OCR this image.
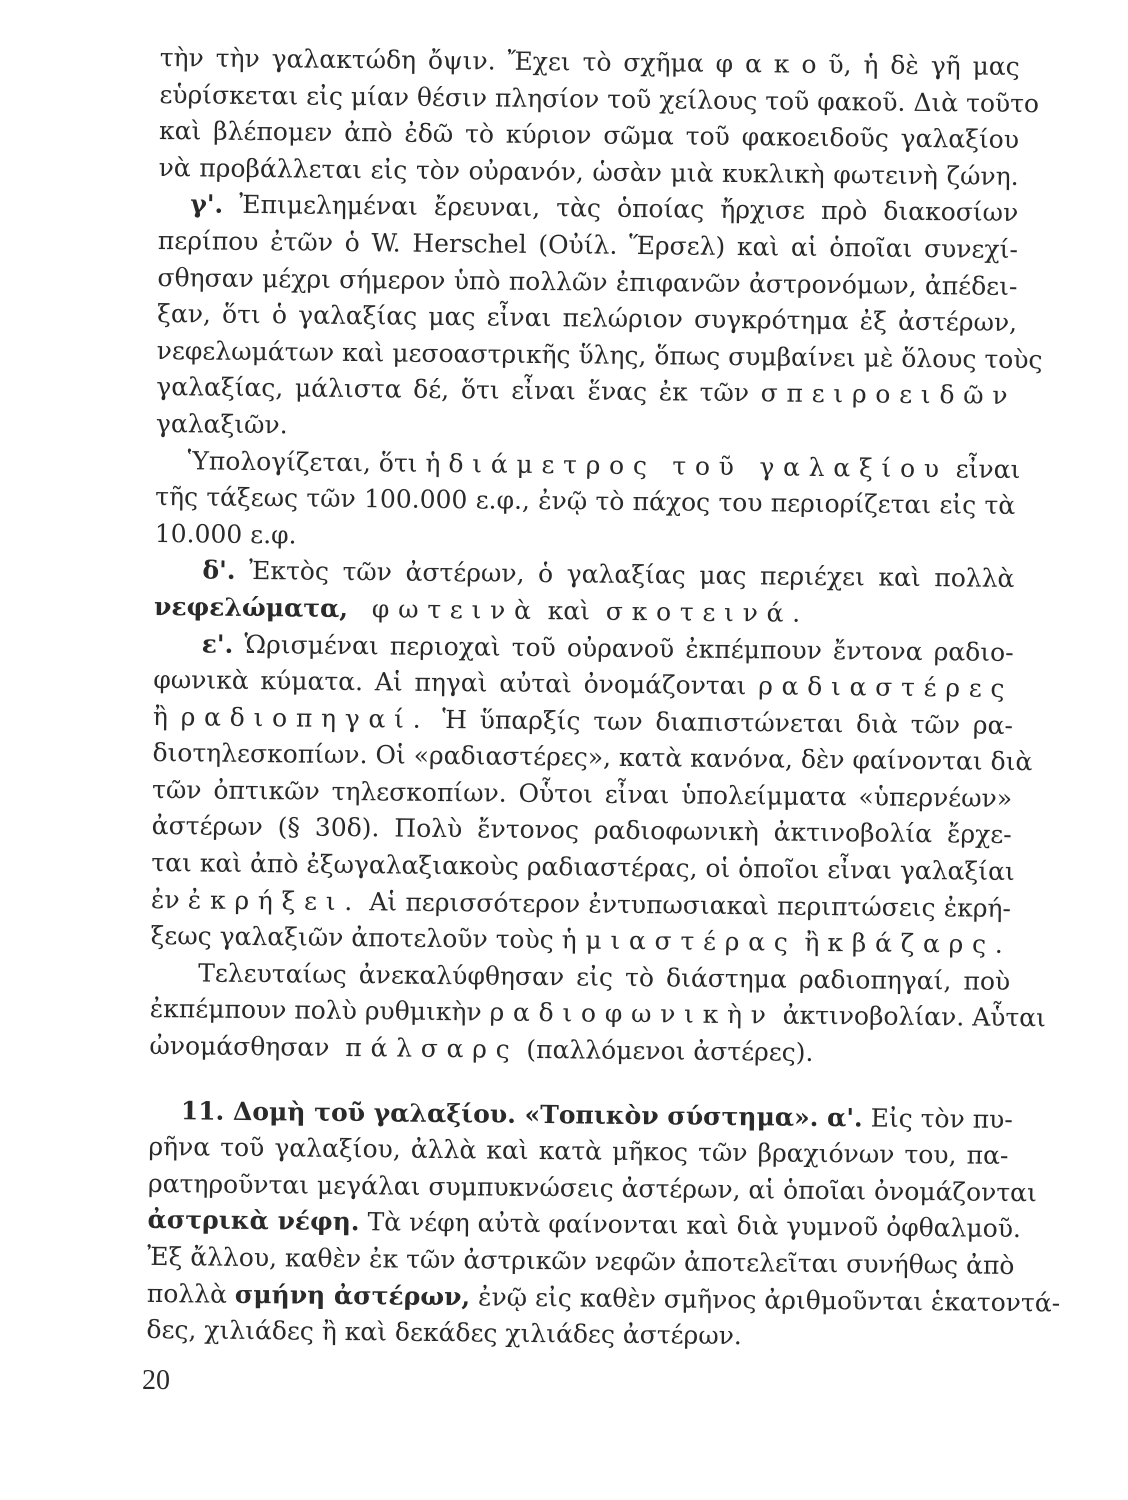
τὴν τὴν γαλακτώδη ὄψιν. Ἔχει τὸ σχῆμα φ α κ ο ῦ, ἡ δὲ γῆ μας
εὑρίσκεται εἰς μίαν θέσιν πλησίον τοῦ χείλους τοῦ φακοῦ. Διὰ τοῦτο
καὶ βλέπομεν ἀπὸ ἐδῶ τὸ κύριον σῶμα τοῦ φακοειδοῦς γαλαξίου
νὰ προβάλλεται εἰς τὸν οὐρανόν, ὡσὰν μιὰ κυκλικὴ φωτεινὴ ζώνη.
γ'. Ἐπιμελημέναι ἔρευναι, τὰς ὁποίας ἤρχισε πρὸ διακοσίων
περίπου ἐτῶν ὁ W. Herschel (Οὐίλ. Ἕρσελ) καὶ αἱ ὁποῖαι συνεχί-
σθησαν μέχρι σήμερον ὑπὸ πολλῶν ἐπιφανῶν ἀστρονόμων, ἀπέδει-
ξαν, ὅτι ὁ γαλαξίας μας εἶναι πελώριον συγκρότημα ἐξ ἀστέρων,
νεφελωμάτων καὶ μεσοαστρικῆς ὕλης, ὅπως συμβαίνει μὲ ὅλους τοὺς
γαλαξίας, μάλιστα δέ, ὅτι εἶναι ἕνας ἐκ τῶν σπειροειδῶν
γαλαξιῶν.
Ὑπολογίζεται, ὅτι ἡ διάμετρος τοῦ γαλαξίου εἶναι
τῆς τάξεως τῶν 100.000 ε.φ., ἐνῷ τὸ πάχος του περιορίζεται εἰς τὰ
10.000 ε.φ.
δ'. Ἐκτὸς τῶν ἀστέρων, ὁ γαλαξίας μας περιέχει καὶ πολλὰ
νεφελώματα, φωτεινὰ καὶ σκοτεινά.
ε'. Ὡρισμέναι περιοχαὶ τοῦ οὐρανοῦ ἐκπέμπουν ἔντονα ραδιο-
φωνικὰ κύματα. Αἱ πηγαὶ αὐταὶ ὀνομάζονται ραδιαστέρες
ἢ ραδιοπηγαί. Ἡ ὕπαρξίς των διαπιστώνεται διὰ τῶν ρα-
διοτηλεσκοπίων. Οἱ «ραδιαστέρες», κατὰ κανόνα, δὲν φαίνονται διὰ
τῶν ὀπτικῶν τηλεσκοπίων. Οὗτοι εἶναι ὑπολείμματα «ὑπερνέων»
ἀστέρων (§ 30δ). Πολὺ ἔντονος ραδιοφωνικὴ ἀκτινοβολία ἔρχε-
ται καὶ ἀπὸ ἐξωγαλαξιακοὺς ραδιαστέρας, οἱ ὁποῖοι εἶναι γαλαξίαι
ἐν ἐκρήξει. Αἱ περισσότερον ἐντυπωσιακαὶ περιπτώσεις ἐκρή-
ξεως γαλαξιῶν ἀποτελοῦν τοὺς ἡμιαστέρας ἢ κβάζαρς.
Τελευταίως ἀνεκαλύφθησαν εἰς τὸ διάστημα ραδιοπηγαί, ποὺ
ἐκπέμπουν πολὺ ρυθμικὴν ραδιοφωνικὴν ἀκτινοβολίαν. Αὗται
ὠνομάσθησαν πάλσαρς (παλλόμενοι ἀστέρες).
11. Δομὴ τοῦ γαλαξίου. «Τοπικὸν σύστημα». α'. Εἰς τὸν πυ-
ρῆνα τοῦ γαλαξίου, ἀλλὰ καὶ κατὰ μῆκος τῶν βραχιόνων του, πα-
ρατηροῦνται μεγάλαι συμπυκνώσεις ἀστέρων, αἱ ὁποῖαι ὀνομάζονται
ἀστρικὰ νέφη. Τὰ νέφη αὐτὰ φαίνονται καὶ διὰ γυμνοῦ ὀφθαλμοῦ.
Ἐξ ἄλλου, καθὲν ἐκ τῶν ἀστρικῶν νεφῶν ἀποτελεῖται συνήθως ἀπὸ
πολλὰ σμήνη ἀστέρων, ἐνῷ εἰς καθὲν σμῆνος ἀριθμοῦνται ἑκατοντά-
δες, χιλιάδες ἢ καὶ δεκάδες χιλιάδες ἀστέρων.
20
